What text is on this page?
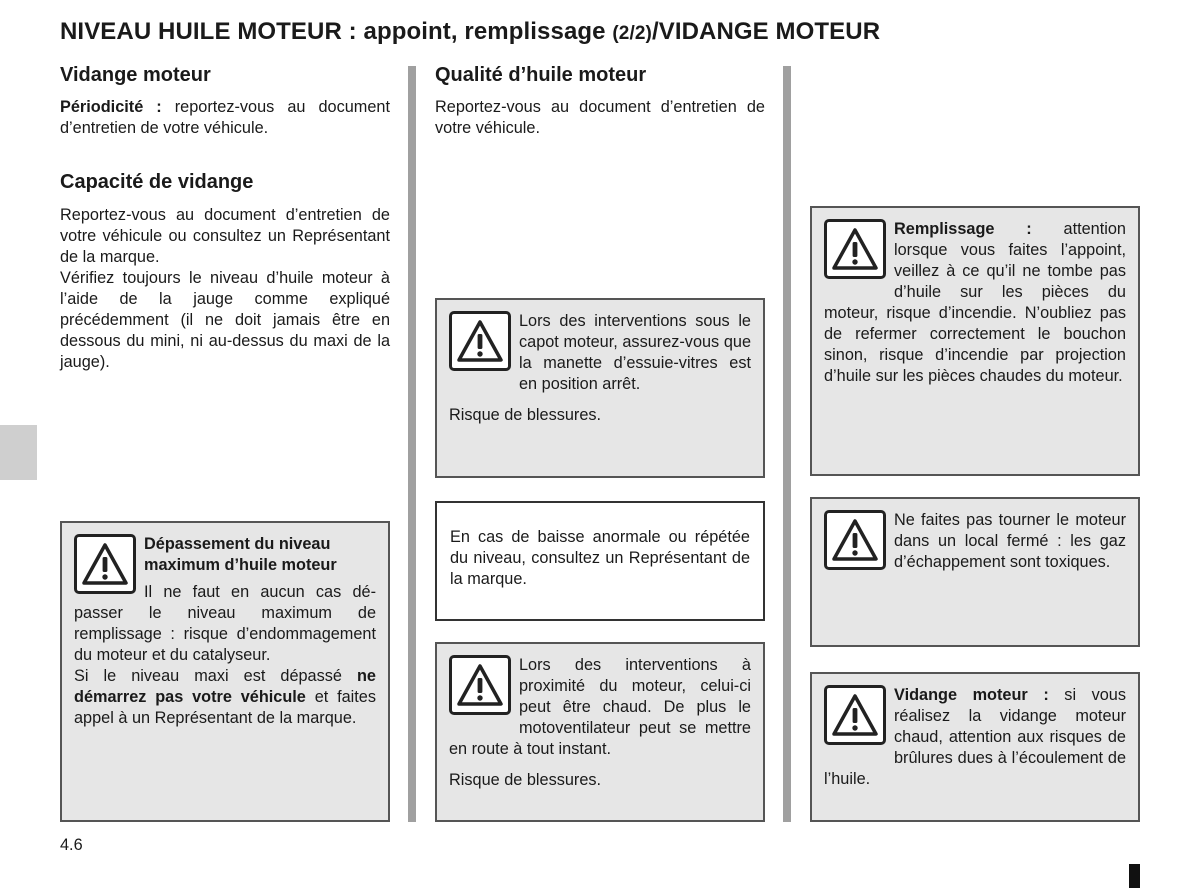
NIVEAU HUILE MOTEUR : appoint, remplissage (2/2)/VIDANGE MOTEUR
Vidange moteur

Périodicité : reportez-vous au document d’entretien de votre véhicule.

Capacité de vidange

Reportez-vous au document d’entretien de votre véhicule ou consultez un Représentant de la marque.

Vérifiez toujours le niveau d’huile moteur à l’aide de la jauge comme expliqué précédemment (il ne doit jamais être en dessous du mini, ni au-dessus du maxi de la jauge).

Dépassement du niveau maximum d’huile moteur

Il ne faut en aucun cas dépasser le niveau maximum de remplissage : risque d’endommagement du moteur et du catalyseur.

Si le niveau maxi est dépassé ne démarrez pas votre véhicule et faites appel à un Représentant de la marque.

Qualité d’huile moteur

Reportez-vous au document d’entretien de votre véhicule.

Lors des interventions sous le capot moteur, assurez-vous que la manette d’essuie-vitres est en position arrêt.

Risque de blessures.

En cas de baisse anormale ou répétée du niveau, consultez un Représentant de la marque.

Lors des interventions à proximité du moteur, celui-ci peut être chaud. De plus le motoventilateur peut se mettre en route à tout instant.

Risque de blessures.

Remplissage : attention lorsque vous faites l’appoint, veillez à ce qu’il ne tombe pas d’huile sur les pièces du moteur, risque d’incendie. N’oubliez pas de refermer correctement le bouchon sinon, risque d’incendie par projection d’huile sur les pièces chaudes du moteur.

Ne faites pas tourner le moteur dans un local fermé : les gaz d’échappement sont toxiques.

Vidange moteur : si vous réalisez la vidange moteur chaud, attention aux risques de brûlures dues à l’écoulement de l’huile.

4.6
